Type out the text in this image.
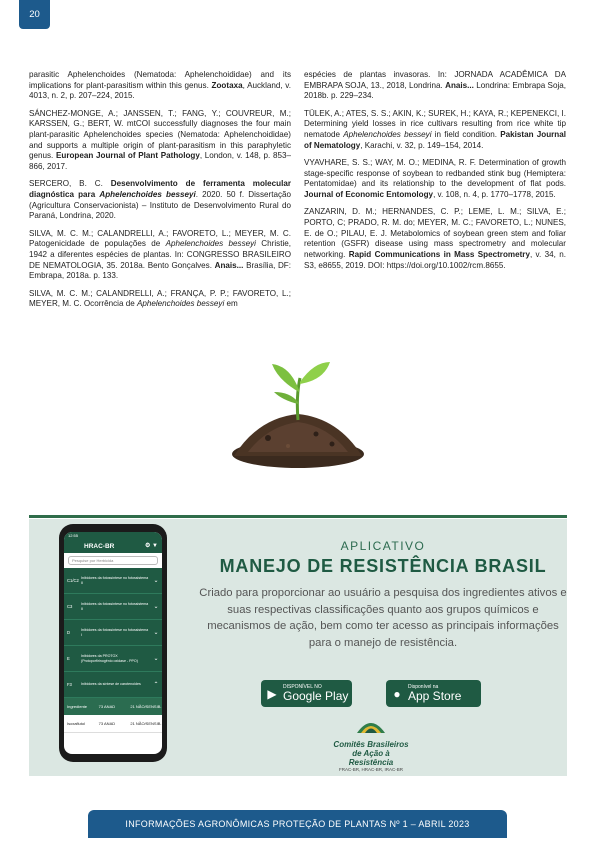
20

parasitic Aphelenchoides (Nematoda: Aphelenchoididae) and its implications for plant-parasitism within this genus. Zootaxa, Auckland, v. 4013, n. 2, p. 207–224, 2015.

SÁNCHEZ-MONGE, A.; JANSSEN, T.; FANG, Y.; COUVREUR, M.; KARSSEN, G.; BERT, W. mtCOI successfully diagnoses the four main plant-parasitic Aphelenchoides species (Nematoda: Aphelenchoididae) and supports a multiple origin of plant-parasitism in this paraphyletic genus. European Journal of Plant Pathology, London, v. 148, p. 853–866, 2017.

SERCERO, B. C. Desenvolvimento de ferramenta molecular diagnóstica para Aphelenchoides besseyi. 2020. 50 f. Dissertação (Agricultura Conservacionista) – Instituto de Desenvolvimento Rural do Paraná, Londrina, 2020.

SILVA, M. C. M.; CALANDRELLI, A.; FAVORETO, L.; MEYER, M. C. Patogenicidade de populações de Aphelenchoides besseyi Christie, 1942 a diferentes espécies de plantas. In: CONGRESSO BRASILEIRO DE NEMATOLOGIA, 35. 2018a. Bento Gonçalves. Anais... Brasília, DF: Embrapa, 2018a. p. 133.

SILVA, M. C. M.; CALANDRELLI, A.; FRANÇA, P. P.; FAVORETO, L.; MEYER, M. C. Ocorrência de Aphelenchoides besseyi em

espécies de plantas invasoras. In: JORNADA ACADÊMICA DA EMBRAPA SOJA, 13., 2018, Londrina. Anais... Londrina: Embrapa Soja, 2018b. p. 229–234.

TÜLEK, A.; ATES, S. S.; AKIN, K.; SUREK, H.; KAYA, R.; KEPENEKCI, I. Determining yield losses in rice cultivars resulting from rice white tip nematode Aphelenchoides besseyi in field condition. Pakistan Journal of Nematology, Karachi, v. 32, p. 149–154, 2014.

VYAVHARE, S. S.; WAY, M. O.; MEDINA, R. F. Determination of growth stage-specific response of soybean to redbanded stink bug (Hemiptera: Pentatomidae) and its relationship to the development of flat pods. Journal of Economic Entomology, v. 108, n. 4, p. 1770–1778, 2015.

ZANZARIN, D. M.; HERNANDES, C. P.; LEME, L. M.; SILVA, E.; PORTO, C; PRADO, R. M. do; MEYER, M. C.; FAVORETO, L.; NUNES, E. de O.; PILAU, E. J. Metabolomics of soybean green stem and foliar retention (GSFR) disease using mass spectrometry and molecular networking. Rapid Communications in Mass Spectrometry, v. 34, n. S3, e8655, 2019. DOI: https://doi.org/10.1002/rcm.8655.

12:55
HRAC-BR	⚙ ▼
Pesquise por Herbicida
C1/C2 Inibidores da fotossíntese no fotossistema II	⌄
C3	Inibidores da fotossíntese no fotossistema II	⌄
D	Inibidores da fotossíntese no fotossistema I	⌄
E	Inibidores da PROTOX (Protoporfirinogênio oxidase - PPO)	⌄
F3	Inibidores da síntese de carotenoides	⌃
Ingrediente	73 ANAD	21 NÃO/SENSIB.
Isoxaflutol	73 ANAD	21 NÃO/SENSIB.
APLICATIVO
MANEJO DE RESISTÊNCIA BRASIL
Criado para proporcionar ao usuário a pesquisa dos ingredientes ativos e suas respectivas classificações quanto aos grupos químicos e mecanismos de ação, bem como ter acesso as principais informações para o manejo de resistência.
▶	DISPONÍVEL NO
Google Play	●	Disponível na
App Store
Comitês Brasileiros
de Ação à Resistência
FRAC-BR, HRAC-BR, IRAC-BR
INFORMAÇÕES AGRONÔMICAS PROTEÇÃO DE PLANTAS Nº 1 – ABRIL 2023
